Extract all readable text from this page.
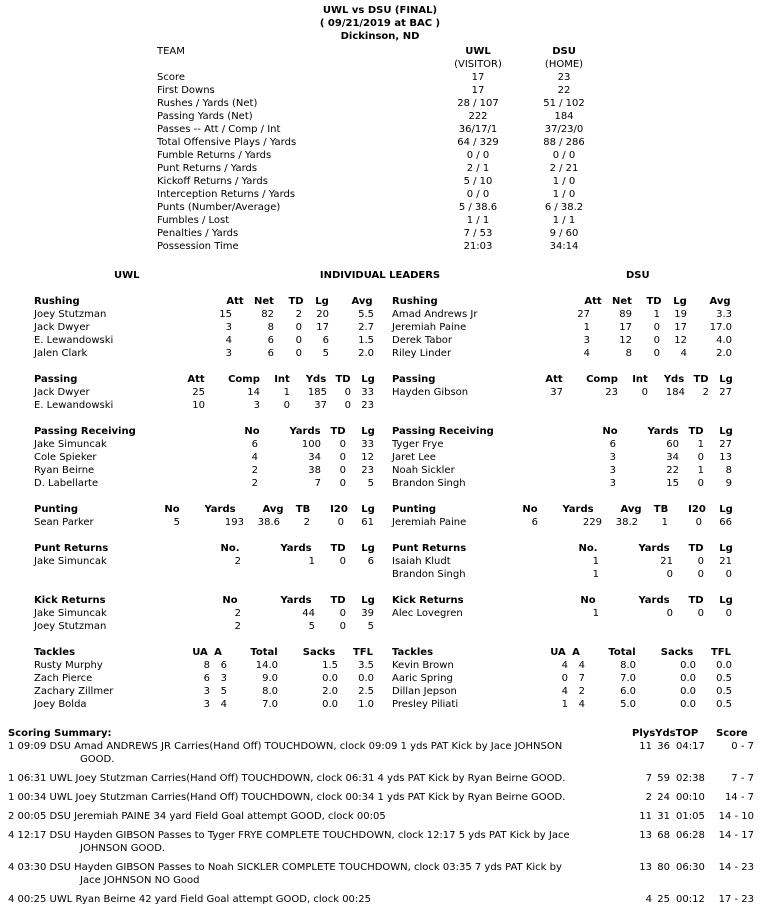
UWL vs DSU (FINAL)
( 09/21/2019 at BAC )
Dickinson, ND
TEAM	UWL
(VISITOR)
DSU
(HOME)
Score	17	23
First Downs	17	22
Rushes / Yards (Net)	28 / 107	51 / 102
Passing Yards (Net)	222	184
Passes -- Att / Comp / Int	36/17/1	37/23/0
Total Offensive Plays / Yards	64 / 329	88 / 286
Fumble Returns / Yards	0 / 0	0 / 0
Punt Returns / Yards	2 / 1	2 / 21
Kickoff Returns / Yards	5 / 10	1 / 0
Interception Returns / Yards	0 / 0	1 / 0
Punts (Number/Average)	5 / 38.6	6 / 38.2
Fumbles / Lost	1 / 1	1 / 1
Penalties / Yards	7 / 53	9 / 60
Possession Time	21:03	34:14
UWL	INDIVIDUAL LEADERS	DSU
Rushing	Att	Net	TD	Lg	Avg
Joey Stutzman	15	82	2	20	5.5
Jack Dwyer	3	8	0	17	2.7
E. Lewandowski	4	6	0	6	1.5
Jalen Clark	3	6	0	5	2.0
Rushing	Att	Net	TD	Lg	Avg
Amad Andrews Jr	27	89	1	19	3.3
Jeremiah Paine	1	17	0	17	17.0
Derek Tabor	3	12	0	12	4.0
Riley Linder	4	8	0	4	2.0
Passing	Att	Comp	Int	Yds TD	Lg
Jack Dwyer	25	14	1	185	0	33
E. Lewandowski	10	3	0	37	0	23
Passing	Att	Comp	Int	Yds TD	Lg
Hayden Gibson	37	23	0	184	2	27
Passing Receiving	No	Yards TD	Lg
Jake Simuncak	6	100	0	33
Cole Spieker	4	34	0	12
Ryan Beirne	2	38	0	23
D. Labellarte	2	7	0	5
Passing Receiving	No	Yards TD	Lg
Tyger Frye	6	60	1	27
Jaret Lee	3	34	0	13
Noah Sickler	3	22	1	8
Brandon Singh	3	15	0	9
Punting	No	Yards	Avg	TB	I20	Lg
Sean Parker	5	193	38.6	2	0	61
Punting	No	Yards	Avg	TB	I20	Lg
Jeremiah Paine	6	229	38.2	1	0	66
Punt Returns	No.	Yards	TD	Lg
Jake Simuncak	2	1	0	6
Punt Returns	No.	Yards	TD	Lg
Isaiah Kludt	1	21	0	21
Brandon Singh	1	0	0	0
Kick Returns	No	Yards	TD	Lg
Jake Simuncak	2	44	0	39
Joey Stutzman	2	5	0	5
Kick Returns	No	Yards	TD	Lg
Alec Lovegren	1	0	0	0
Tackles	UA A	Total	Sacks	TFL
Rusty Murphy	8	6	14.0	1.5	3.5
Zach Pierce	6	3	9.0	0.0	0.0
Zachary Zillmer	3	5	8.0	2.0	2.5
Joey Bolda	3	4	7.0	0.0	1.0
Tackles	UA A	Total	Sacks	TFL
Kevin Brown	4	4	8.0	0.0	0.0
Aaric Spring	0	7	7.0	0.0	0.5
Dillan Jepson	4	2	6.0	0.0	0.5
Presley Piliati	1	4	5.0	0.0	0.5
Scoring Summary:	PlysYdsTOP Score
1 09:09 DSU Amad ANDREWS JR Carries(Hand Off) TOUCHDOWN, clock 09:09 1 yds PAT Kick by Jace JOHNSON
GOOD.
11 36 04:17	0 - 7
1 06:31 UWL Joey Stutzman Carries(Hand Off) TOUCHDOWN, clock 06:31 4 yds PAT Kick by Ryan Beirne GOOD.	7 59 02:38	7 - 7
1 00:34 UWL Joey Stutzman Carries(Hand Off) TOUCHDOWN, clock 00:34 1 yds PAT Kick by Ryan Beirne GOOD.	2 24 00:10	14 - 7
2 00:05 DSU Jeremiah PAINE 34 yard Field Goal attempt GOOD, clock 00:05	11 31 01:05	14 - 10
4 12:17 DSU Hayden GIBSON Passes to Tyger FRYE COMPLETE TOUCHDOWN, clock 12:17 5 yds PAT Kick by Jace
JOHNSON GOOD.
13 68 06:28	14 - 17
4 03:30 DSU Hayden GIBSON Passes to Noah SICKLER COMPLETE TOUCHDOWN, clock 03:35 7 yds PAT Kick by
Jace JOHNSON NO Good
13 80 06:30	14 - 23
4 00:25 UWL Ryan Beirne 42 yard Field Goal attempt GOOD, clock 00:25	4 25 00:12	17 - 23
